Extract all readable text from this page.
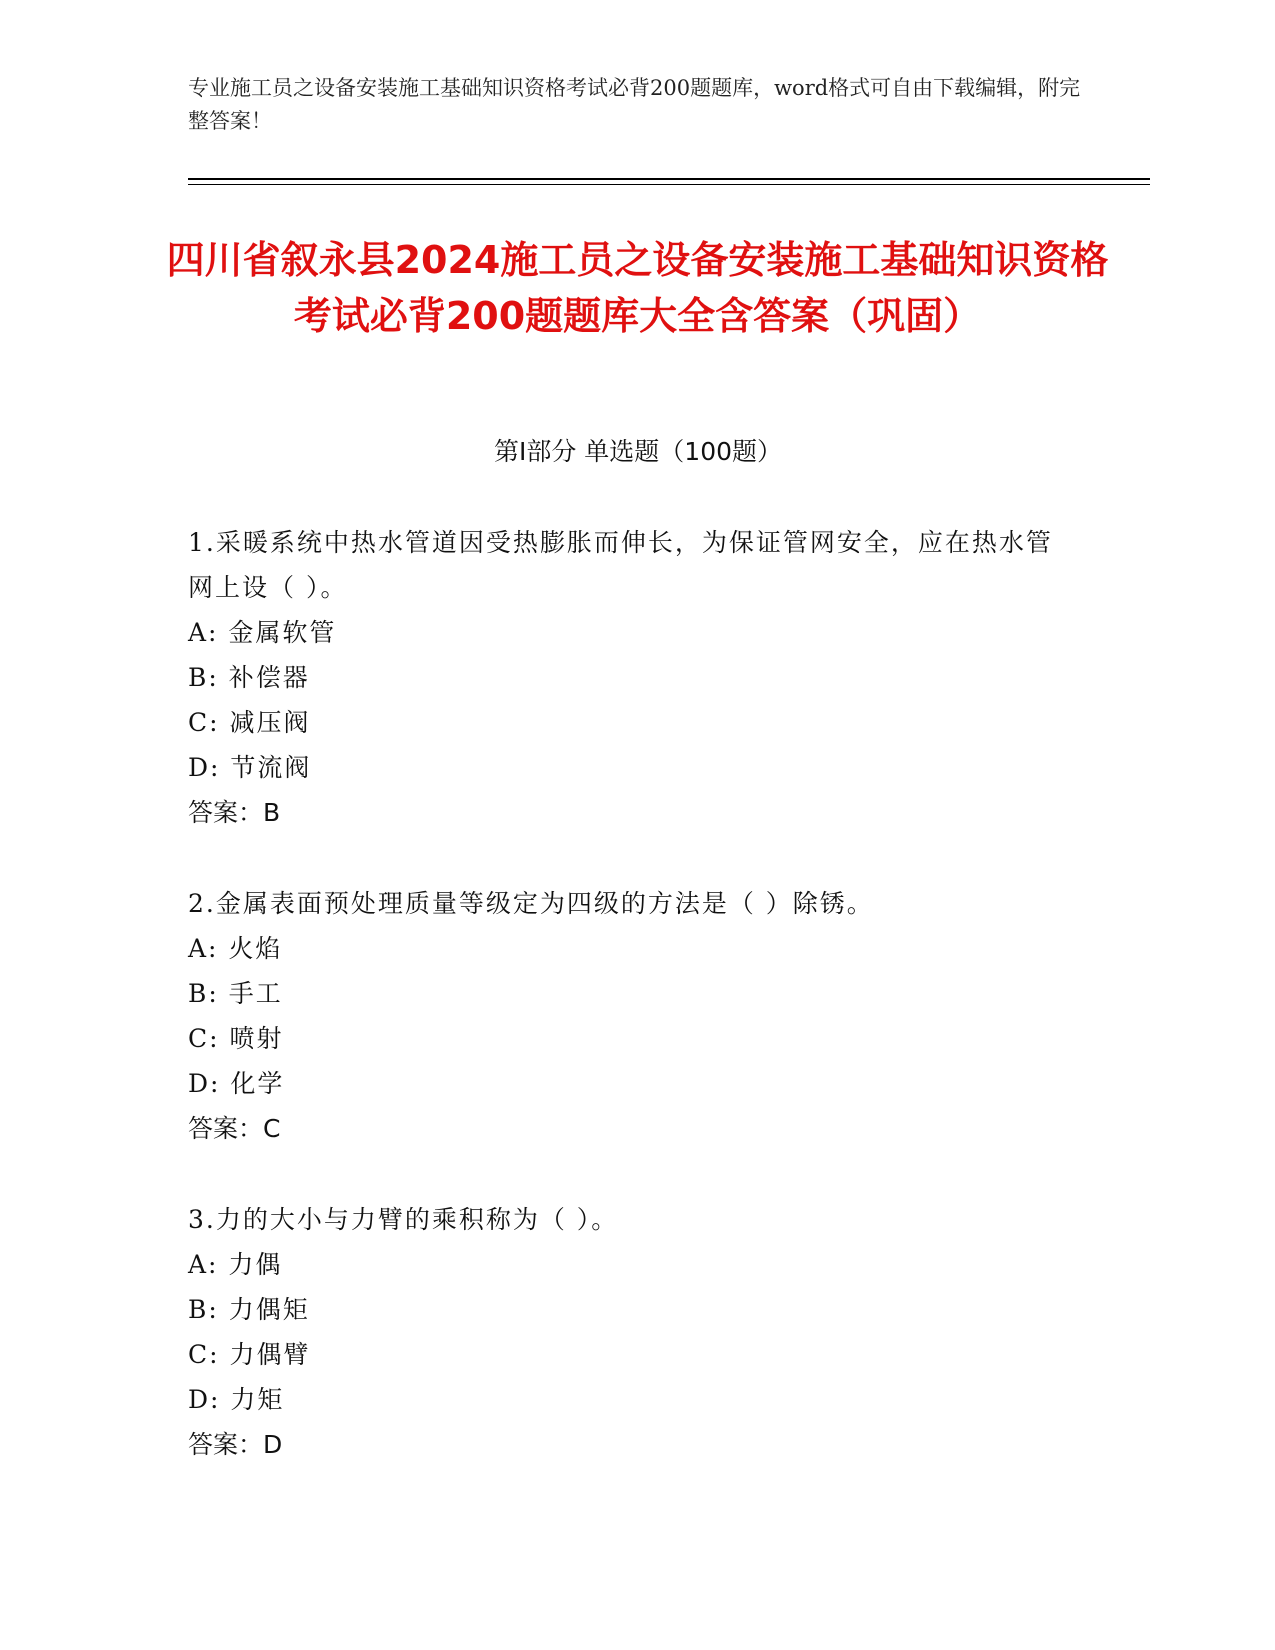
专业施工员之设备安装施工基础知识资格考试必背200题题库，word格式可自由下载编辑，附完整答案！
四川省叙永县2024施工员之设备安装施工基础知识资格考试必背200题题库大全含答案（巩固）
第I部分 单选题（100题）
1.采暖系统中热水管道因受热膨胀而伸长，为保证管网安全，应在热水管网上设（ ）。
A: 金属软管
B: 补偿器
C: 减压阀
D: 节流阀
答案：B
2.金属表面预处理质量等级定为四级的方法是（ ）除锈。
A: 火焰
B: 手工
C: 喷射
D: 化学
答案：C
3.力的大小与力臂的乘积称为（ ）。
A: 力偶
B: 力偶矩
C: 力偶臂
D: 力矩
答案：D
